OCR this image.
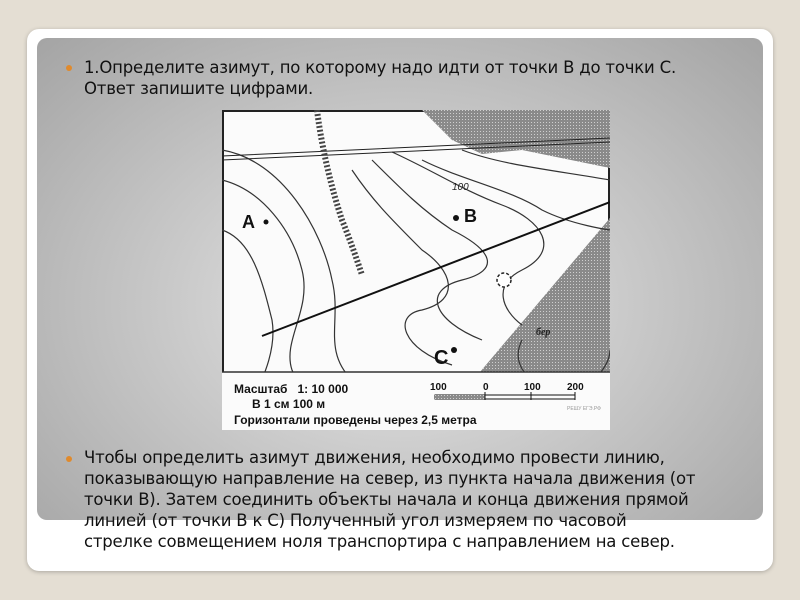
1.Определите азимут, по которому надо идти от точки В до точки С.
Ответ запишите цифрами.
A	B
C
100
бер
Масштаб   1: 10 000
В 1 см 100 м
Горизонтали проведены через 2,5 метра
100	0	100	200
РЕШУ ЕГЭ.РФ
Чтобы определить азимут движения, необходимо провести линию,
показывающую направление на север, из пункта начала движения (от
точки В). Затем соединить объекты начала и конца движения прямой
линией (от точки В к С) Полученный угол измеряем по часовой
стрелке совмещением ноля транспортира с направлением на север.
